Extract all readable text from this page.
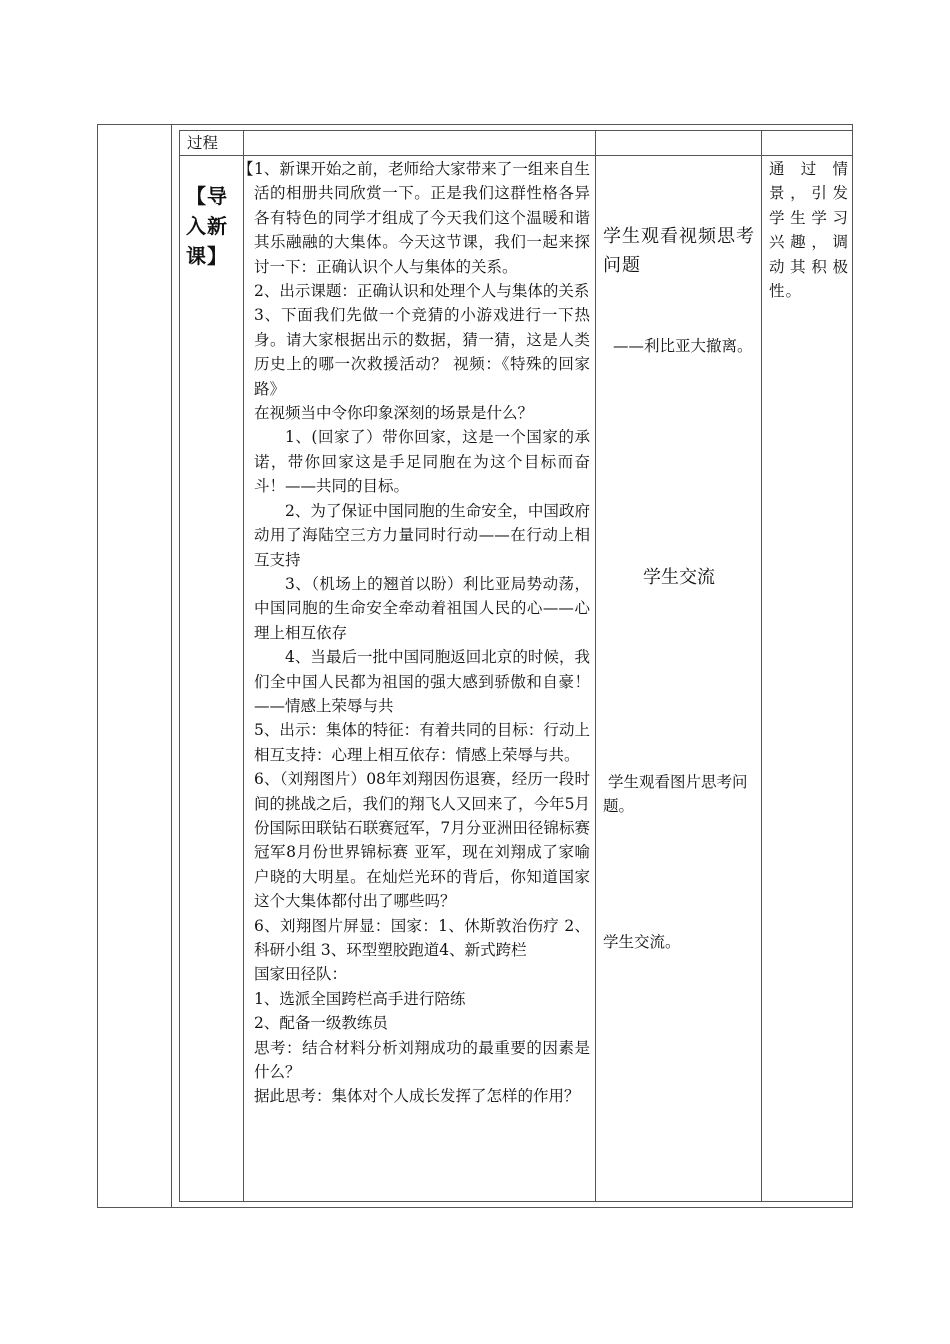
过程
【导入新课】
【 1、新课开始之前，老师给大家带来了一组来自生活的相册共同欣赏一下。正是我们这群性格各异各有特色的同学才组成了今天我们这个温暖和谐其乐融融的大集体。今天这节课，我们一起来探讨一下：正确认识个人与集体的关系。

2、出示课题：正确认识和处理个人与集体的关系

3、下面我们先做一个竞猜的小游戏进行一下热身。请大家根据出示的数据，猜一猜，这是人类历史上的哪一次救援活动？ 视频：《特殊的回家路》

在视频当中令你印象深刻的场景是什么？

1、(回家了）带你回家，这是一个国家的承诺，带你回家这是手足同胞在为这个目标而奋斗！——共同的目标。

2、为了保证中国同胞的生命安全，中国政府动用了海陆空三方力量同时行动——在行动上相互支持

3、（机场上的翘首以盼）利比亚局势动荡，中国同胞的生命安全牵动着祖国人民的心——心理上相互依存

4、当最后一批中国同胞返回北京的时候，我们全中国人民都为祖国的强大感到骄傲和自豪！——情感上荣辱与共

5、出示：集体的特征：有着共同的目标：行动上相互支持：心理上相互依存：情感上荣辱与共。

6、（刘翔图片）08年刘翔因伤退赛，经历一段时间的挑战之后，我们的翔飞人又回来了，今年5月份国际田联钻石联赛冠军，7月分亚洲田径锦标赛冠军8月份世界锦标赛 亚军，现在刘翔成了家喻户晓的大明星。在灿烂光环的背后，你知道国家这个大集体都付出了哪些吗？

6、刘翔图片屏显：国家：1、休斯敦治伤疗 2、科研小组 3、环型塑胶跑道4、新式跨栏

国家田径队：

1、选派全国跨栏高手进行陪练

2、配备一级教练员

思考：结合材料分析刘翔成功的最重要的因素是什么？

据此思考：集体对个人成长发挥了怎样的作用？

学生观看视频思考问题
——利比亚大撤离。
学生交流
学生观看图片思考问题。
学生交流。
通过情景，引发学生学习兴趣，调动其积极性。
